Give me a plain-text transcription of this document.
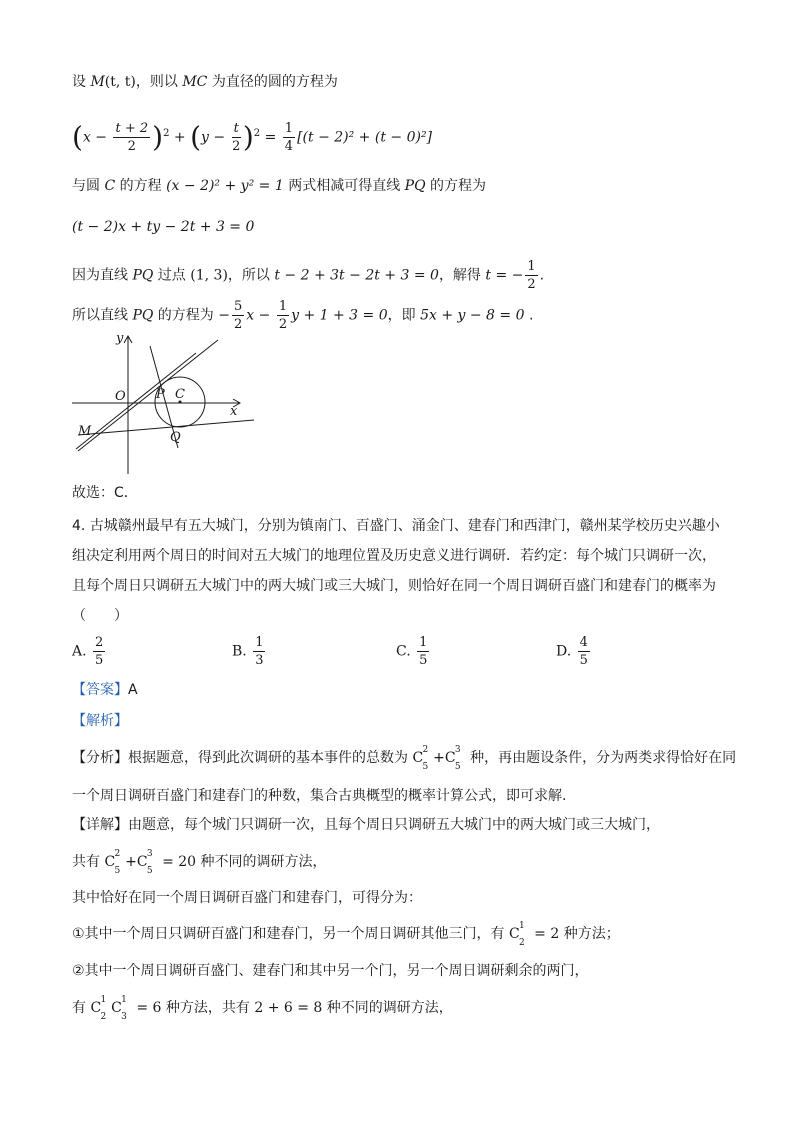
设 M(t, t)，则以 MC 为直径的圆的方程为
$(x - \frac{t + 2}{2} )^2 + (y - \frac{t}{2} )^2 = \frac{1}{4} [(t - 2)^2 + (t - 0)^2]$
与圆 C 的方程 (x − 2)² + y² = 1 两式相减可得直线 PQ 的方程为
(t − 2)x + ty − 2t + 3 = 0
因为直线 PQ 过点 (1, 3)，所以 t − 2 + 3t − 2t + 3 = 0，解得 t = − $\frac{1}{2}$ .
所以直线 PQ 的方程为 − $\frac{5}{2}$ $x - \frac{1}{2}$ y + 1 + 3 = 0，即 5x + y − 8 = 0 .
y
x
O P C
M	Q
故选：C．
4. 古城赣州最早有五大城门，分别为镇南门、百盛门、涌金门、建春门和西津门，赣州某学校历史兴趣小
组决定利用两个周日的时间对五大城门的地理位置及历史意义进行调研．若约定：每个城门只调研一次，
且每个周日只调研五大城门中的两大城门或三大城门，则恰好在同一个周日调研百盛门和建春门的概率为
（　　）
A. $\frac{2}{5}$	B. $\frac{1}{3}$	C. $\frac{1}{5}$	D. $\frac{4}{5}$
【答案】A
【解析】
【分析】根据题意，得到此次调研的基本事件的总数为 C 2
5
+C 3
5
种，再由题设条件，分为两类求得恰好在同
一个周日调研百盛门和建春门的种数，集合古典概型的概率计算公式，即可求解.
【详解】由题意，每个城门只调研一次，且每个周日只调研五大城门中的两大城门或三大城门，
共有 C 2
5
+C 3
5
= 20 种不同的调研方法，
其中恰好在同一个周日调研百盛门和建春门，可得分为：
①其中一个周日只调研百盛门和建春门，另一个周日调研其他三门，有 C 1
2
= 2 种方法；
②其中一个周日调研百盛门、建春门和其中另一个门，另一个周日调研剩余的两门，
有 C 1
2
C 1
3
= 6 种方法，共有 2 + 6 = 8 种不同的调研方法，
